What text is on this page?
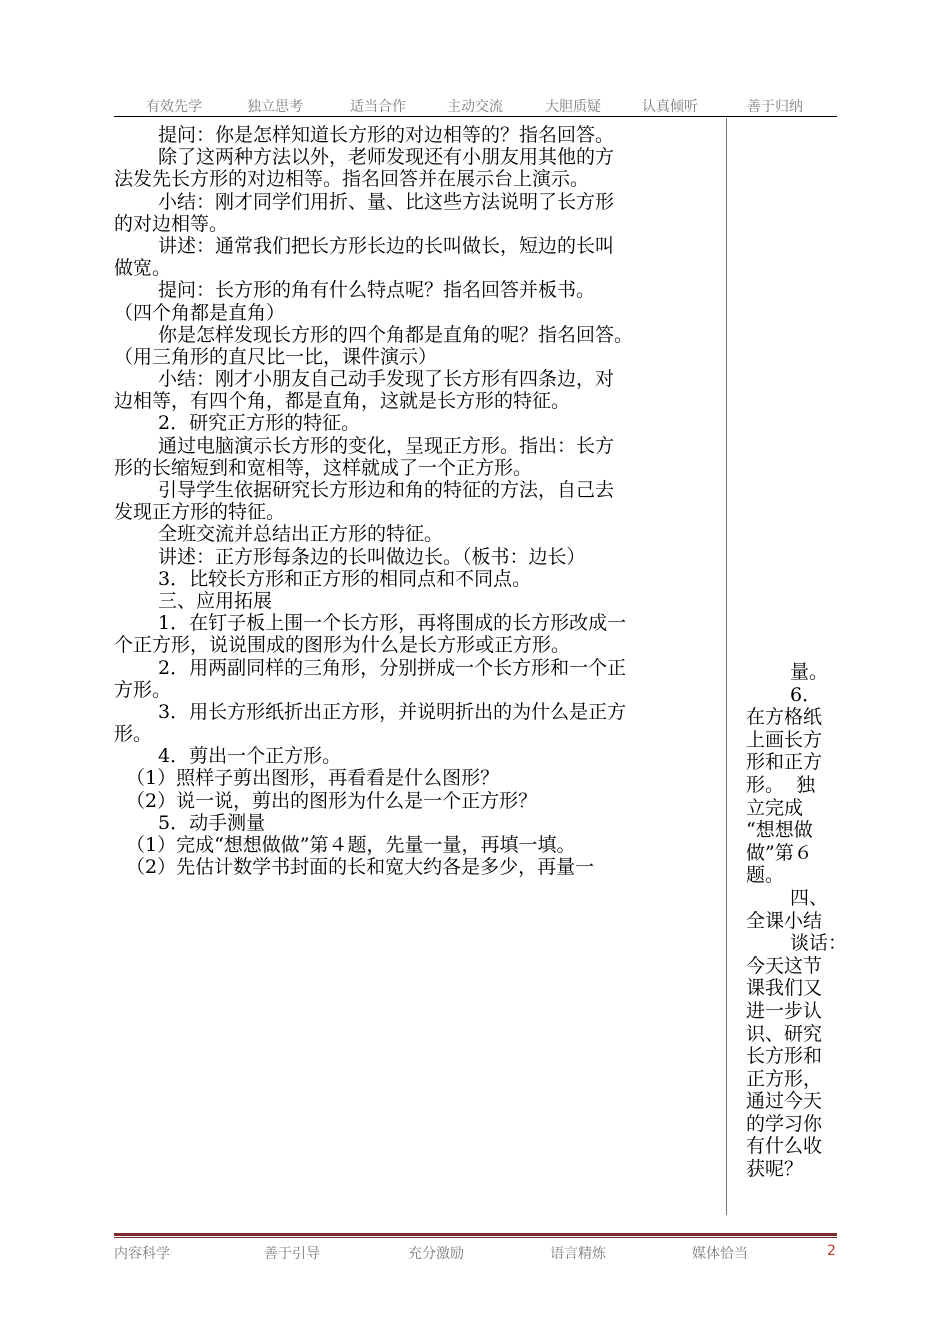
有效先学	独立思考	适当合作	主动交流	大胆质疑	认真倾听	善于归纳
提问：你是怎样知道长方形的对边相等的？指名回答。
除了这两种方法以外，老师发现还有小朋友用其他的方
法发先长方形的对边相等。指名回答并在展示台上演示。
小结：刚才同学们用折、量、比这些方法说明了长方形
的对边相等。
讲述：通常我们把长方形长边的长叫做长，短边的长叫
做宽。
提问：长方形的角有什么特点呢？指名回答并板书。
（四个角都是直角）
你是怎样发现长方形的四个角都是直角的呢？指名回答。
（用三角形的直尺比一比，课件演示）
小结：刚才小朋友自己动手发现了长方形有四条边，对
边相等，有四个角，都是直角，这就是长方形的特征。
2．研究正方形的特征。
通过电脑演示长方形的变化，呈现正方形。指出：长方
形的长缩短到和宽相等，这样就成了一个正方形。
引导学生依据研究长方形边和角的特征的方法，自己去
发现正方形的特征。
全班交流并总结出正方形的特征。
讲述：正方形每条边的长叫做边长。（板书：边长）
3．比较长方形和正方形的相同点和不同点。
三、应用拓展
1．在钉子板上围一个长方形，再将围成的长方形改成一
个正方形，说说围成的图形为什么是长方形或正方形。
2．用两副同样的三角形，分别拼成一个长方形和一个正
方形。
3．用长方形纸折出正方形，并说明折出的为什么是正方
形。
4．剪出一个正方形。
（1）照样子剪出图形，再看看是什么图形？
（2）说一说，剪出的图形为什么是一个正方形？
5．动手测量
（1）完成“想想做做”第４题，先量一量，再填一填。
（2）先估计数学书封面的长和宽大约各是多少，再量一
量。
6．
在方格纸
上画长方
形和正方
形。  独
立完成
“想想做
做”第６
题。
四、
全课小结
谈话：
今天这节
课我们又
进一步认
识、研究
长方形和
正方形，
通过今天
的学习你
有什么收
获呢？
内容科学	善于引导	充分激励	语言精炼	媒体恰当	2
